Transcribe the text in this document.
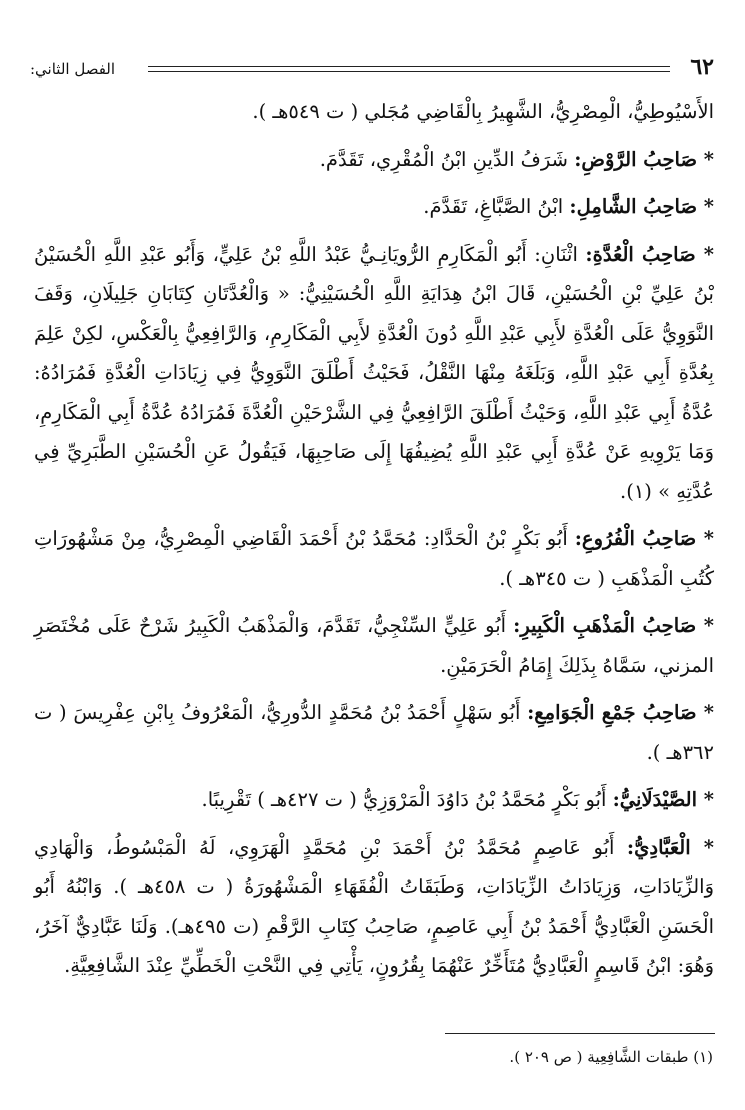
٦٢
الفصل الثاني:

الأَسْيُوطِيُّ، الْمِصْرِيُّ، الشَّهِيرُ بِالْقَاضِي مُجَلي ( ت ٥٤٩هـ ).

* صَاحِبُ الرَّوْضِ: شَرَفُ الدِّينِ ابْنُ الْمُقْرِي، تَقَدَّمَ.

* صَاحِبُ الشَّامِلِ: ابْنُ الصَّبَّاغِ، تَقَدَّمَ.

* صَاحِبُ الْعُدَّةِ: اثْنَانِ: أَبُو الْمَكَارِمِ الرُّويَانِـيُّ عَبْدُ اللَّهِ بْنُ عَلِيٍّ، وَأَبُو عَبْدِ اللَّهِ الْحُسَيْنُ بْنُ عَلِيِّ بْنِ الْحُسَيْنِ، قَالَ ابْنُ هِدَايَةِ اللَّهِ الْحُسَيْنِيُّ: « وَالْعُدَّتَانِ كِتَابَانِ جَلِيلَانِ، وَقَفَ النَّوَوِيُّ عَلَى الْعُدَّةِ لأَبِي عَبْدِ اللَّهِ دُونَ الْعُدَّةِ لأَبِي الْمَكَارِمِ، وَالرَّافِعِيُّ بِالْعَكْسِ، لكِنْ عَلِمَ بِعُدَّةِ أَبِي عَبْدِ اللَّهِ، وَبَلَغَهُ مِنْهَا النَّقْلُ، فَحَيْثُ أَطْلَقَ النَّوَوِيُّ فِي زِيَادَاتِ الْعُدَّةِ فَمُرَادُهُ: عُدَّةُ أَبِي عَبْدِ اللَّهِ، وَحَيْثُ أَطْلَقَ الرَّافِعِيُّ فِي الشَّرْحَيْنِ الْعُدَّةَ فَمُرَادُهُ عُدَّةُ أَبِي الْمَكَارِمِ، وَمَا يَرْوِيهِ عَنْ عُدَّةِ أَبِي عَبْدِ اللَّهِ يُضِيفُهَا إِلَى صَاحِبِهَا، فَيَقُولُ عَنِ الْحُسَيْنِ الطَّبَرِيِّ فِي عُدَّتِهِ » (١).

* صَاحِبُ الْفُرُوعِ: أَبُو بَكْرٍ بْنُ الْحَدَّادِ: مُحَمَّدُ بْنُ أَحْمَدَ الْقَاضِي الْمِصْرِيُّ، مِنْ مَشْهُورَاتِ كُتُبِ الْمَذْهَبِ ( ت ٣٤٥هـ ).

* صَاحِبُ الْمَذْهَبِ الْكَبِيرِ: أَبُو عَلِيٍّ السِّنْجِيُّ، تَقَدَّمَ، وَالْمَذْهَبُ الْكَبِيرُ شَرْحٌ عَلَى مُخْتَصَرِ المزني، سَمَّاهُ بِذَلِكَ إِمَامُ الْحَرَمَيْنِ.

* صَاحِبُ جَمْعِ الْجَوَامِعِ: أَبُو سَهْلٍ أَحْمَدُ بْنُ مُحَمَّدٍ الدُّورِيُّ، الْمَعْرُوفُ بِابْنِ عِفْرِيسَ ( ت ٣٦٢هـ ).

* الصَّيْدَلَانِيُّ: أَبُو بَكْرٍ مُحَمَّدُ بْنُ دَاوُدَ الْمَرْوَزِيُّ ( ت ٤٢٧هـ ) تَقْرِيبًا.

* الْعَبَّادِيُّ: أَبُو عَاصِمٍ مُحَمَّدُ بْنُ أَحْمَدَ بْنِ مُحَمَّدٍ الْهَرَوِي، لَهُ الْمَبْسُوطُ، وَالْهَادِي وَالزِّيَادَاتِ، وَزِيَادَاتُ الزِّيَادَاتِ، وَطَبَقَاتُ الْفُقَهَاءِ الْمَشْهُورَةُ ( ت ٤٥٨هـ ). وَابْنُهُ أَبُو الْحَسَنِ الْعَبَّادِيُّ أَحْمَدُ بْنُ أَبِي عَاصِمٍ، صَاحِبُ كِتَابِ الرَّقْمِ (ت ٤٩٥هـ). وَلَنَا عَبَّادِيٌّ آخَرُ، وَهُوَ: ابْنُ قَاسِمٍ الْعَبَّادِيُّ مُتَأَخِّرٌ عَنْهُمَا بِقُرُونٍ، يَأْتِي فِي النَّحْتِ الْخَطِّيِّ عِنْدَ الشَّافِعِيَّةِ.

(١) طبقات الشَّافِعِية ( ص ٢٠٩ ).
